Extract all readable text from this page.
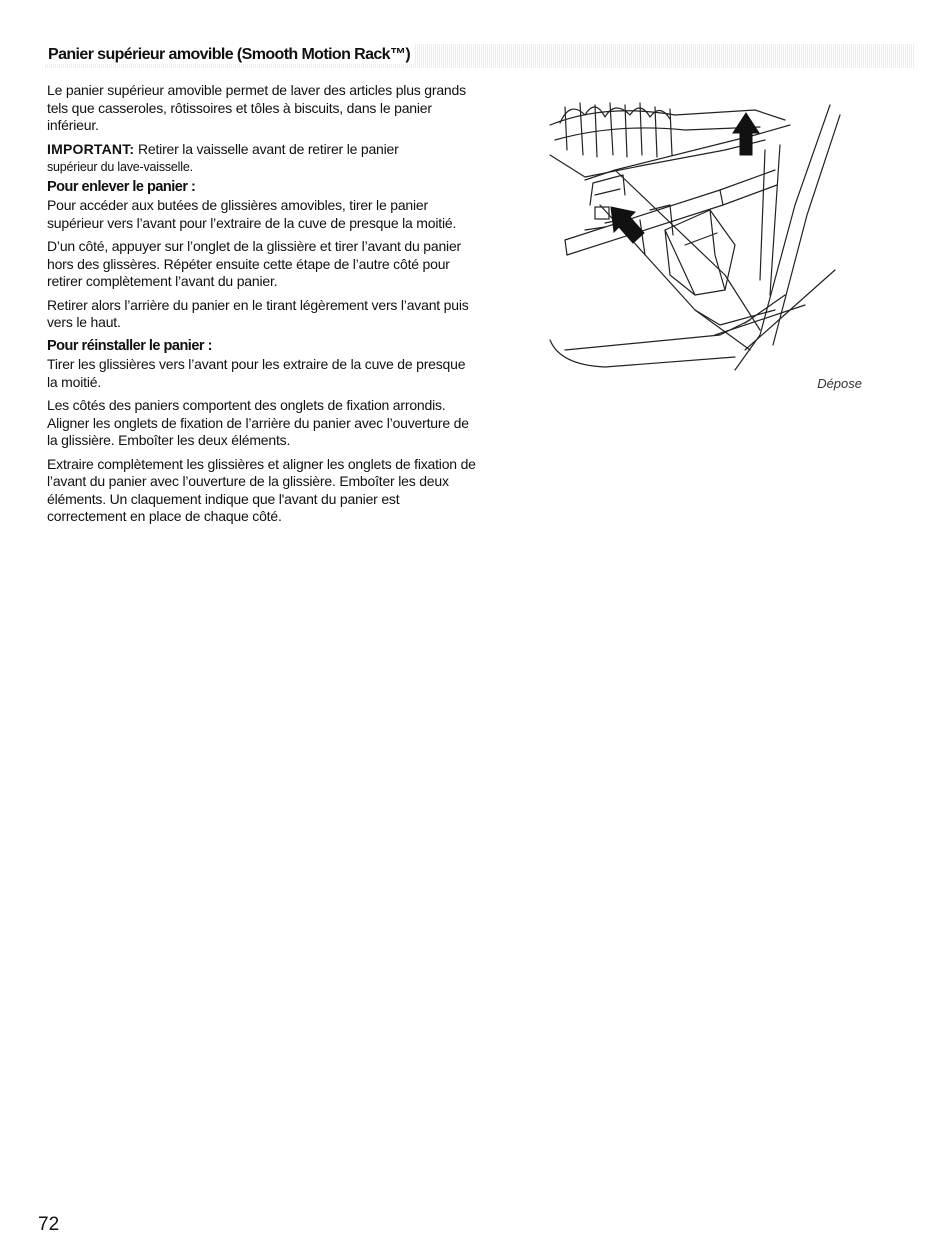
Panier supérieur amovible (Smooth Motion Rack™)

Le panier supérieur amovible permet de laver des articles plus grands tels que casseroles, rôtissoires et tôles à biscuits, dans le panier inférieur.

IMPORTANT: Retirer la vaisselle avant de retirer le panier
supérieur du lave-vaisselle.

Pour enlever le panier :

Pour accéder aux butées de glissières amovibles, tirer le panier supérieur vers l’avant pour l’extraire de la cuve de presque la moitié.

D’un côté, appuyer sur l’onglet de la glissière et tirer l’avant du panier hors des glissères. Répéter ensuite cette étape de l’autre côté pour retirer complètement l’avant du panier.

Retirer alors l’arrière du panier en le tirant légèrement vers l’avant puis vers le haut.

Pour réinstaller le panier :

Tirer les glissières vers l’avant pour les extraire de la cuve de presque la moitié.

Les côtés des paniers comportent des onglets de fixation arrondis. Aligner les onglets de fixation de l’arrière du panier avec l’ouverture de la glissière. Emboîter les deux éléments.

Extraire complètement les glissières et aligner les onglets de fixation de l’avant du panier avec l’ouverture de la glissière. Emboîter les deux éléments. Un claquement indique que l'avant du panier est correctement en place de chaque côté.

Dépose
72
